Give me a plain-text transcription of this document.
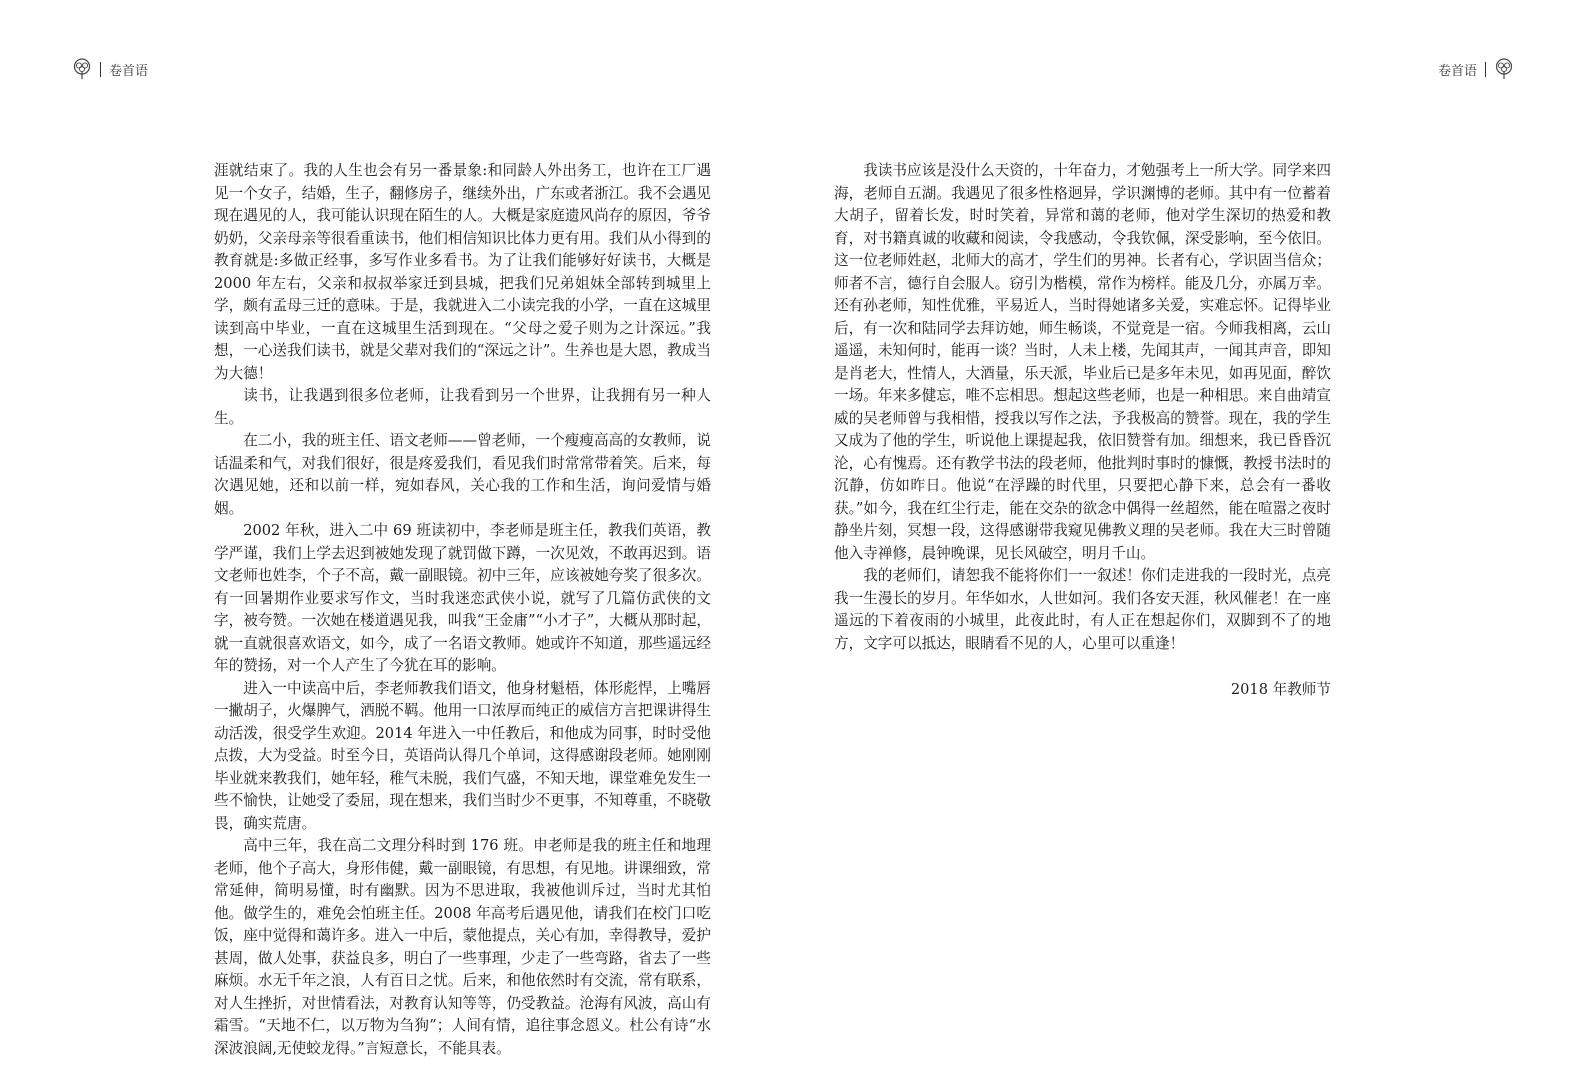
卷首语	卷首语

涯就结束了。我的人生也会有另一番景象:和同龄人外出务工，也许在工厂遇见一个女子，结婚，生子，翻修房子，继续外出，广东或者浙江。我不会遇见现在遇见的人，我可能认识现在陌生的人。大概是家庭遗风尚存的原因，爷爷奶奶，父亲母亲等很看重读书，他们相信知识比体力更有用。我们从小得到的教育就是:多做正经事，多写作业多看书。为了让我们能够好好读书，大概是 2000 年左右，父亲和叔叔举家迁到县城，把我们兄弟姐妹全部转到城里上学，颇有孟母三迁的意味。于是，我就进入二小读完我的小学，一直在这城里读到高中毕业，一直在这城里生活到现在。“父母之爱子则为之计深远。”我想，一心送我们读书，就是父辈对我们的“深远之计”。生养也是大恩，教成当为大德！

读书，让我遇到很多位老师，让我看到另一个世界，让我拥有另一种人生。

在二小，我的班主任、语文老师——曾老师，一个瘦瘦高高的女教师，说话温柔和气，对我们很好，很是疼爱我们，看见我们时常常带着笑。后来，每次遇见她，还和以前一样，宛如春风，关心我的工作和生活，询问爱情与婚姻。

2002 年秋，进入二中 69 班读初中，李老师是班主任，教我们英语，教学严谨，我们上学去迟到被她发现了就罚做下蹲，一次见效，不敢再迟到。语文老师也姓李，个子不高，戴一副眼镜。初中三年，应该被她夸奖了很多次。有一回暑期作业要求写作文，当时我迷恋武侠小说，就写了几篇仿武侠的文字，被夸赞。一次她在楼道遇见我，叫我“王金庸”“小才子”，大概从那时起，就一直就很喜欢语文，如今，成了一名语文教师。她或许不知道，那些遥远经年的赞扬，对一个人产生了今犹在耳的影响。

进入一中读高中后，李老师教我们语文，他身材魁梧，体形彪悍，上嘴唇一撇胡子，火爆脾气，洒脱不羁。他用一口浓厚而纯正的威信方言把课讲得生动活泼，很受学生欢迎。2014 年进入一中任教后，和他成为同事，时时受他点拨，大为受益。时至今日，英语尚认得几个单词，这得感谢段老师。她刚刚毕业就来教我们，她年轻，稚气未脱，我们气盛，不知天地，课堂难免发生一些不愉快，让她受了委屈，现在想来，我们当时少不更事，不知尊重，不晓敬畏，确实荒唐。

高中三年，我在高二文理分科时到 176 班。申老师是我的班主任和地理老师，他个子高大，身形伟健，戴一副眼镜，有思想，有见地。讲课细致，常常延伸，简明易懂，时有幽默。因为不思进取，我被他训斥过，当时尤其怕他。做学生的，难免会怕班主任。2008 年高考后遇见他，请我们在校门口吃饭，座中觉得和蔼许多。进入一中后，蒙他提点，关心有加，幸得教导，爱护甚周，做人处事，获益良多，明白了一些事理，少走了一些弯路，省去了一些麻烦。水无千年之浪，人有百日之忧。后来，和他依然时有交流，常有联系，对人生挫折，对世情看法，对教育认知等等，仍受教益。沧海有风波，高山有霜雪。“天地不仁，以万物为刍狗”；人间有情，追往事念恩义。杜公有诗“水深波浪阔,无使蛟龙得。”言短意长，不能具表。

我读书应该是没什么天资的，十年奋力，才勉强考上一所大学。同学来四海，老师自五湖。我遇见了很多性格迥异，学识渊博的老师。其中有一位蓄着大胡子，留着长发，时时笑着，异常和蔼的老师，他对学生深切的热爱和教育，对书籍真诚的收藏和阅读，令我感动，令我钦佩，深受影响，至今依旧。这一位老师姓赵，北师大的高才，学生们的男神。长者有心，学识固当信众；师者不言，德行自会服人。窃引为楷模，常作为榜样。能及几分，亦属万幸。还有孙老师，知性优雅，平易近人，当时得她诸多关爱，实难忘怀。记得毕业后，有一次和陆同学去拜访她，师生畅谈，不觉竟是一宿。今师我相离，云山遥遥，未知何时，能再一谈？当时，人未上楼，先闻其声，一闻其声音，即知是肖老大，性情人，大酒量，乐天派，毕业后已是多年未见，如再见面，醉饮一场。年来多健忘，唯不忘相思。想起这些老师，也是一种相思。来自曲靖宣威的吴老师曾与我相惜，授我以写作之法，予我极高的赞誉。现在，我的学生又成为了他的学生，听说他上课提起我，依旧赞誉有加。细想来，我已昏昏沉沦，心有愧焉。还有教学书法的段老师，他批判时事时的慷慨，教授书法时的沉静，仿如昨日。他说“在浮躁的时代里，只要把心静下来，总会有一番收获。”如今，我在红尘行走，能在交杂的欲念中偶得一丝超然，能在喧嚣之夜时静坐片刻，冥想一段，这得感谢带我窥见佛教义理的吴老师。我在大三时曾随他入寺禅修，晨钟晚课，见长风破空，明月千山。

我的老师们，请恕我不能将你们一一叙述！你们走进我的一段时光，点亮我一生漫长的岁月。年华如水，人世如河。我们各安天涯，秋风催老！在一座遥远的下着夜雨的小城里，此夜此时，有人正在想起你们，双脚到不了的地方，文字可以抵达，眼睛看不见的人，心里可以重逢！

2018 年教师节
